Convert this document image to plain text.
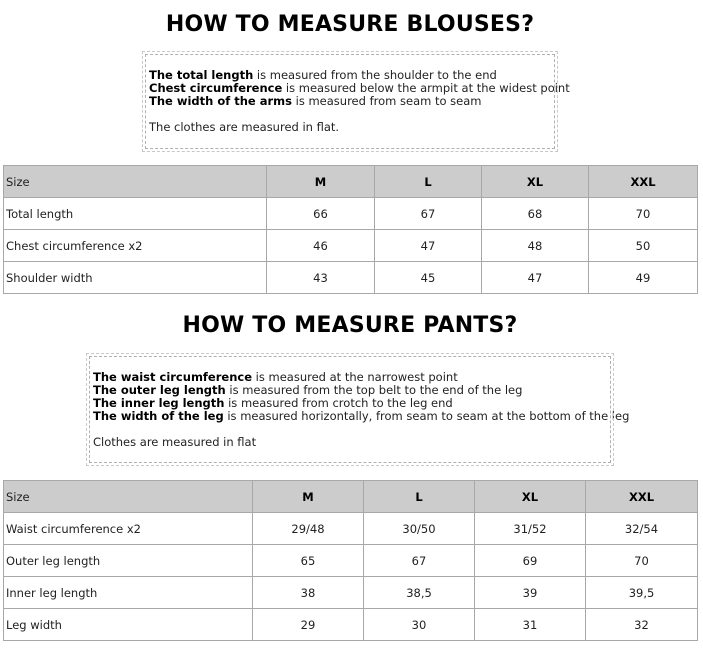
HOW TO MEASURE BLOUSES?

The total length is measured from the shoulder to the end

Chest circumference is measured below the armpit at the widest point

The width of the arms is measured from seam to seam

The clothes are measured in flat.

Size	M	L	XL	XXL
Total length	66	67	68	70
Chest circumference x2	46	47	48	50
Shoulder width	43	45	47	49
HOW TO MEASURE PANTS?

The waist circumference is measured at the narrowest point

The outer leg length is measured from the top belt to the end of the leg

The inner leg length is measured from crotch to the leg end

The width of the leg is measured horizontally, from seam to seam at the bottom of the leg

Clothes are measured in flat

Size	M	L	XL	XXL
Waist circumference x2	29/48	30/50	31/52	32/54
Outer leg length	65	67	69	70
Inner leg length	38	38,5	39	39,5
Leg width	29	30	31	32
